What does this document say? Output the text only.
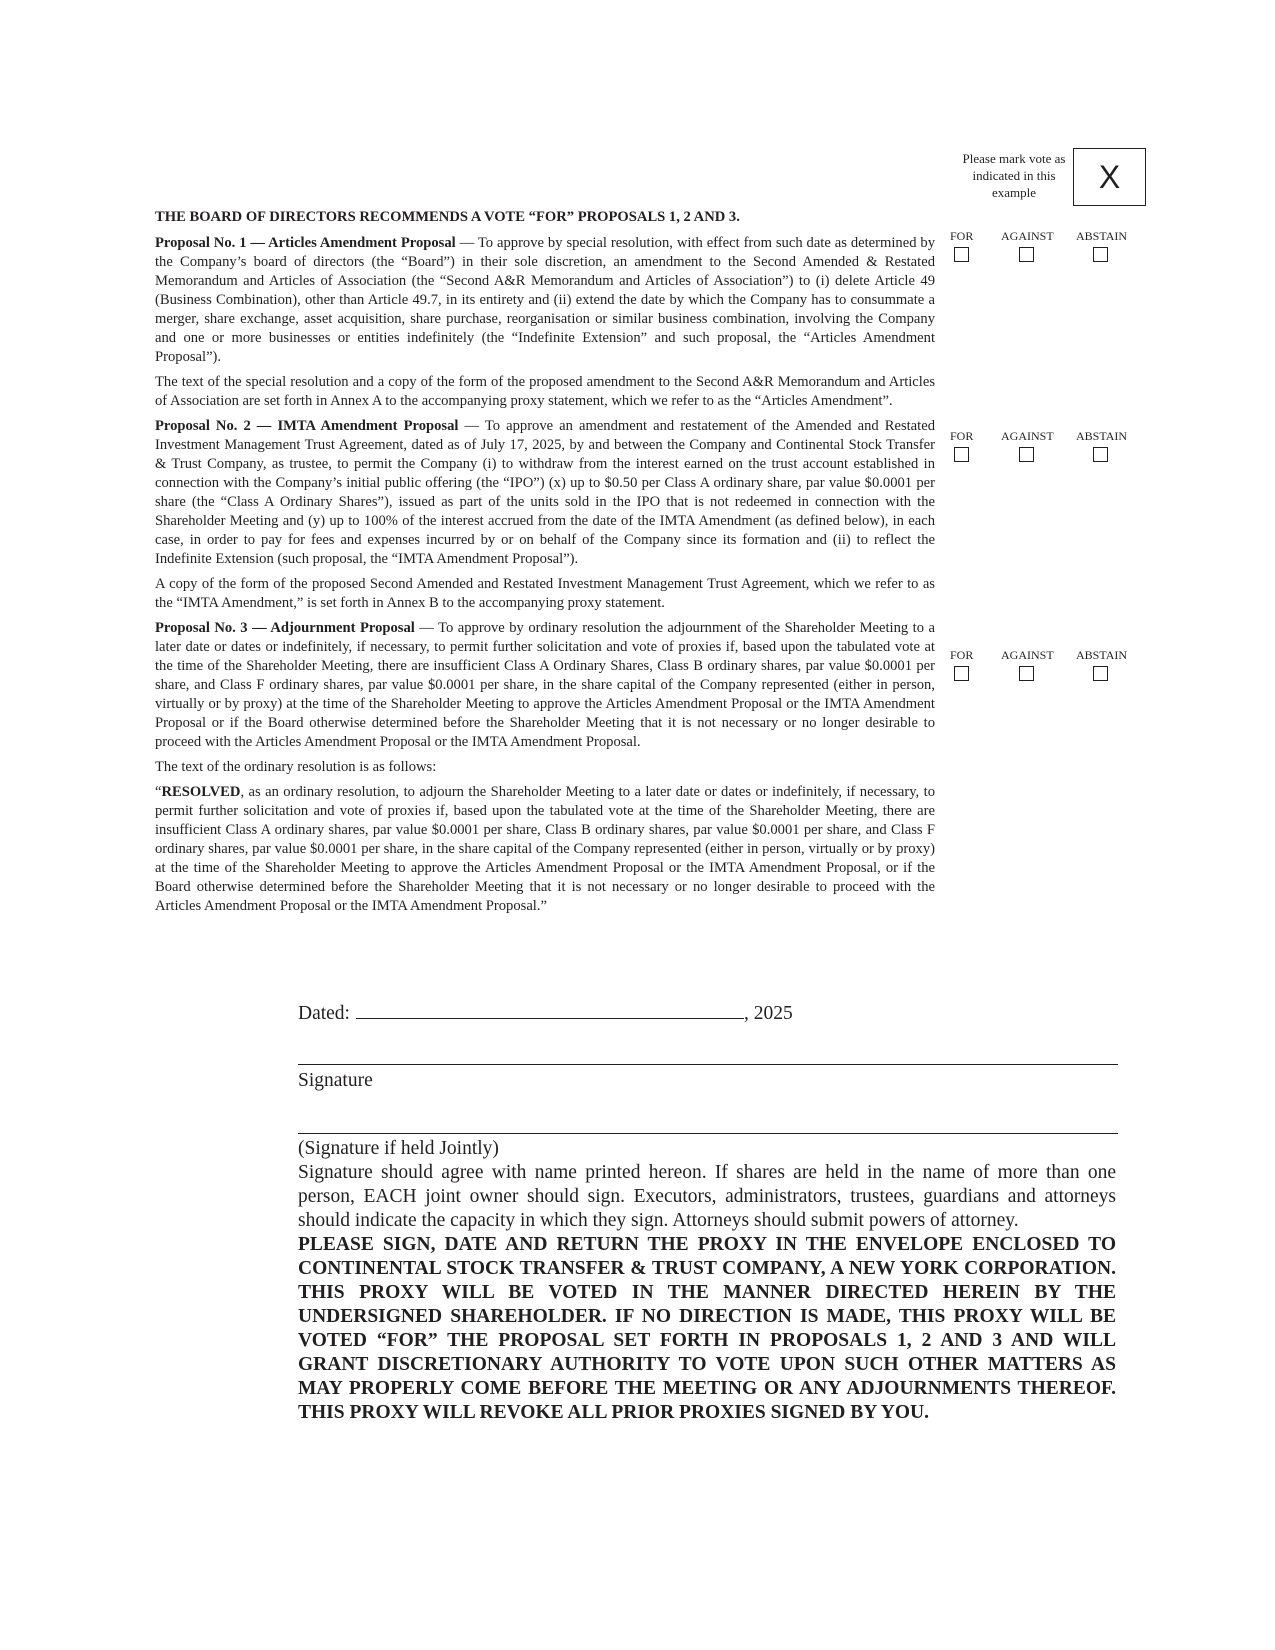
Please mark vote as indicated in this example	X

THE BOARD OF DIRECTORS RECOMMENDS A VOTE “FOR” PROPOSALS 1, 2 AND 3.

Proposal No. 1 — Articles Amendment Proposal — To approve by special resolution, with effect from such date as determined by the Company’s board of directors (the “Board”) in their sole discretion, an amendment to the Second Amended & Restated Memorandum and Articles of Association (the “Second A&R Memorandum and Articles of Association”) to (i) delete Article 49 (Business Combination), other than Article 49.7, in its entirety and (ii) extend the date by which the Company has to consummate a merger, share exchange, asset acquisition, share purchase, reorganisation or similar business combination, involving the Company and one or more businesses or entities indefinitely (the “Indefinite Extension” and such proposal, the “Articles Amendment Proposal”).

The text of the special resolution and a copy of the form of the proposed amendment to the Second A&R Memorandum and Articles of Association are set forth in Annex A to the accompanying proxy statement, which we refer to as the “Articles Amendment”.

Proposal No. 2 — IMTA Amendment Proposal — To approve an amendment and restatement of the Amended and Restated Investment Management Trust Agreement, dated as of July 17, 2025, by and between the Company and Continental Stock Transfer & Trust Company, as trustee, to permit the Company (i) to withdraw from the interest earned on the trust account established in connection with the Company’s initial public offering (the “IPO”) (x) up to $0.50 per Class A ordinary share, par value $0.0001 per share (the “Class A Ordinary Shares”), issued as part of the units sold in the IPO that is not redeemed in connection with the Shareholder Meeting and (y) up to 100% of the interest accrued from the date of the IMTA Amendment (as defined below), in each case, in order to pay for fees and expenses incurred by or on behalf of the Company since its formation and (ii) to reflect the Indefinite Extension (such proposal, the “IMTA Amendment Proposal”).

A copy of the form of the proposed Second Amended and Restated Investment Management Trust Agreement, which we refer to as the “IMTA Amendment,” is set forth in Annex B to the accompanying proxy statement.

Proposal No. 3 — Adjournment Proposal — To approve by ordinary resolution the adjournment of the Shareholder Meeting to a later date or dates or indefinitely, if necessary, to permit further solicitation and vote of proxies if, based upon the tabulated vote at the time of the Shareholder Meeting, there are insufficient Class A Ordinary Shares, Class B ordinary shares, par value $0.0001 per share, and Class F ordinary shares, par value $0.0001 per share, in the share capital of the Company represented (either in person, virtually or by proxy) at the time of the Shareholder Meeting to approve the Articles Amendment Proposal or the IMTA Amendment Proposal or if the Board otherwise determined before the Shareholder Meeting that it is not necessary or no longer desirable to proceed with the Articles Amendment Proposal or the IMTA Amendment Proposal.

The text of the ordinary resolution is as follows:

“RESOLVED, as an ordinary resolution, to adjourn the Shareholder Meeting to a later date or dates or indefinitely, if necessary, to permit further solicitation and vote of proxies if, based upon the tabulated vote at the time of the Shareholder Meeting, there are insufficient Class A ordinary shares, par value $0.0001 per share, Class B ordinary shares, par value $0.0001 per share, and Class F ordinary shares, par value $0.0001 per share, in the share capital of the Company represented (either in person, virtually or by proxy) at the time of the Shareholder Meeting to approve the Articles Amendment Proposal or the IMTA Amendment Proposal, or if the Board otherwise determined before the Shareholder Meeting that it is not necessary or no longer desirable to proceed with the Articles Amendment Proposal or the IMTA Amendment Proposal.”

FOR AGAINST ABSTAIN
FOR AGAINST ABSTAIN
FOR AGAINST ABSTAIN
Dated:	, 2025
Signature
(Signature if held Jointly)

Signature should agree with name printed hereon. If shares are held in the name of more than one person, EACH joint owner should sign. Executors, administrators, trustees, guardians and attorneys should indicate the capacity in which they sign. Attorneys should submit powers of attorney.

PLEASE SIGN, DATE AND RETURN THE PROXY IN THE ENVELOPE ENCLOSED TO CONTINENTAL STOCK TRANSFER & TRUST COMPANY, A NEW YORK CORPORATION. THIS PROXY WILL BE VOTED IN THE MANNER DIRECTED HEREIN BY THE UNDERSIGNED SHAREHOLDER. IF NO DIRECTION IS MADE, THIS PROXY WILL BE VOTED “FOR” THE PROPOSAL SET FORTH IN PROPOSALS 1, 2 AND 3 AND WILL GRANT DISCRETIONARY AUTHORITY TO VOTE UPON SUCH OTHER MATTERS AS MAY PROPERLY COME BEFORE THE MEETING OR ANY ADJOURNMENTS THEREOF. THIS PROXY WILL REVOKE ALL PRIOR PROXIES SIGNED BY YOU.
